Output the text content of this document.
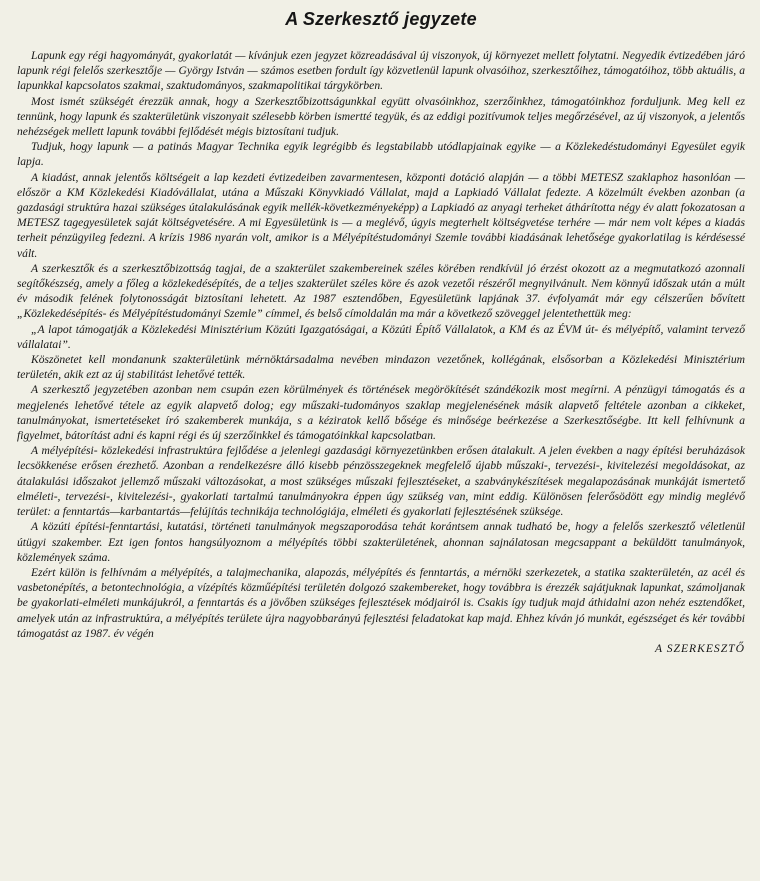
A Szerkesztő jegyzete

Lapunk egy régi hagyományát, gyakorlatát — kívánjuk ezen jegyzet közreadásával új viszonyok, új környezet mellett folytatni. Negyedik évtizedében járó lapunk régi felelős szerkesztője — György István — számos esetben fordult így közvetlenül lapunk olvasóihoz, szerkesztőihez, támogatóihoz, több aktuális, a lapunkkal kapcsolatos szakmai, szaktudományos, szakmapolitikai tárgykörben.

Most ismét szükségét érezzük annak, hogy a Szerkesztőbizottságunkkal együtt olvasóinkhoz, szerzőinkhez, támogatóinkhoz forduljunk. Meg kell ez tennünk, hogy lapunk és szakterületünk viszonyait szélesebb körben ismertté tegyük, és az eddigi pozitívumok teljes megőrzésével, az új viszonyok, a jelentős nehézségek mellett lapunk további fejlődését mégis biztosítani tudjuk.

Tudjuk, hogy lapunk — a patinás Magyar Technika egyik legrégibb és legstabilabb utódlapjainak egyike — a Közlekedéstudományi Egyesület egyik lapja.

A kiadást, annak jelentős költségeit a lap kezdeti évtizedeiben zavarmentesen, központi dotáció alapján — a többi METESZ szaklaphoz hasonlóan — először a KM Közlekedési Kiadóvállalat, utána a Műszaki Könyvkiadó Vállalat, majd a Lapkiadó Vállalat fedezte. A közelmúlt években azonban (a gazdasági struktúra hazai szükséges útalakulásának egyik mellék-következményeképp) a Lapkiadó az anyagi terheket áthárította négy év alatt fokozatosan a METESZ tagegyesületek saját költségvetésére. A mi Egyesületünk is — a meglévő, úgyis megterhelt költségvetése terhére — már nem volt képes a kiadás terheit pénzügyileg fedezni. A krízis 1986 nyarán volt, amikor is a Mélyépítéstudományi Szemle további kiadásának lehetősége gyakorlatilag is kérdésessé vált.

A szerkesztők és a szerkesztőbizottság tagjai, de a szakterület szakembereinek széles körében rendkívül jó érzést okozott az a megmutatkozó azonnali segítőkészség, amely a főleg a közlekedésépítés, de a teljes szakterület széles köre és azok vezetői részéről megnyilvánult. Nem könnyű időszak után a múlt év második felének folytonosságát biztosítani lehetett. Az 1987 esztendőben, Egyesületünk lapjának 37. évfolyamát már egy célszerűen bővített „Közlekedésépítés- és Mélyépítéstudományi Szemle” címmel, és belső címoldalán ma már a következő szöveggel jelentethettük meg:

„A lapot támogatják a Közlekedési Minisztérium Közúti Igazgatóságai, a Közúti Építő Vállalatok, a KM és az ÉVM út- és mélyépítő, valamint tervező vállalatai”.

Köszönetet kell mondanunk szakterületünk mérnöktársadalma nevében mindazon vezetőnek, kollégának, elsősorban a Közlekedési Minisztérium területén, akik ezt az új stabilitást lehetővé tették.

A szerkesztő jegyzetében azonban nem csupán ezen körülmények és történések megörökítését szándékozik most megírni. A pénzügyi támogatás és a megjelenés lehetővé tétele az egyik alapvető dolog; egy műszaki-tudományos szaklap megjelenésének másik alapvető feltétele azonban a cikkeket, tanulmányokat, ismertetéseket író szakemberek munkája, s a kéziratok kellő bősége és minősége beérkezése a Szerkesztőségbe. Itt kell felhívnunk a figyelmet, bátorítást adni és kapni régi és új szerzőinkkel és támogatóinkkal kapcsolatban.

A mélyépítési- közlekedési infrastruktúra fejlődése a jelenlegi gazdasági környezetünkben erősen átalakult. A jelen években a nagy építési beruházások lecsökkenése erősen érezhető. Azonban a rendelkezésre álló kisebb pénzösszegeknek megfelelő újabb műszaki-, tervezési-, kivitelezési megoldásokat, az átalakulási időszakot jellemző műszaki változásokat, a most szükséges műszaki fejlesztéseket, a szabványkészítések megalapozásának munkáját ismertető elméleti-, tervezési-, kivitelezési-, gyakorlati tartalmú tanulmányokra éppen úgy szükség van, mint eddig. Különösen felerősödött egy mindig meglévő terület: a fenntartás—karbantartás—felújítás technikája technológiája, elméleti és gyakorlati fejlesztésének szüksége.

A közúti építési-fenntartási, kutatási, történeti tanulmányok megszaporodása tehát korántsem annak tudható be, hogy a felelős szerkesztő véletlenül útügyi szakember. Ezt igen fontos hangsúlyoznom a mélyépítés többi szakterületének, ahonnan sajnálatosan megcsappant a beküldött tanulmányok, közlemények száma.

Ezért külön is felhívnám a mélyépítés, a talajmechanika, alapozás, mélyépítés és fenntartás, a mérnöki szerkezetek, a statika szakterületén, az acél és vasbetonépítés, a betontechnológia, a vízépítés közműépítési területén dolgozó szakembereket, hogy továbbra is érezzék sajátjuknak lapunkat, számoljanak be gyakorlati-elméleti munkájukról, a fenntartás és a jövőben szükséges fejlesztések módjairól is. Csakis így tudjuk majd áthidalni azon nehéz esztendőket, amelyek után az infrastruktúra, a mélyépítés területe újra nagyobbarányú fejlesztési feladatokat kap majd. Ehhez kíván jó munkát, egészséget és kér további támogatást az 1987. év végén

A SZERKESZTŐ
